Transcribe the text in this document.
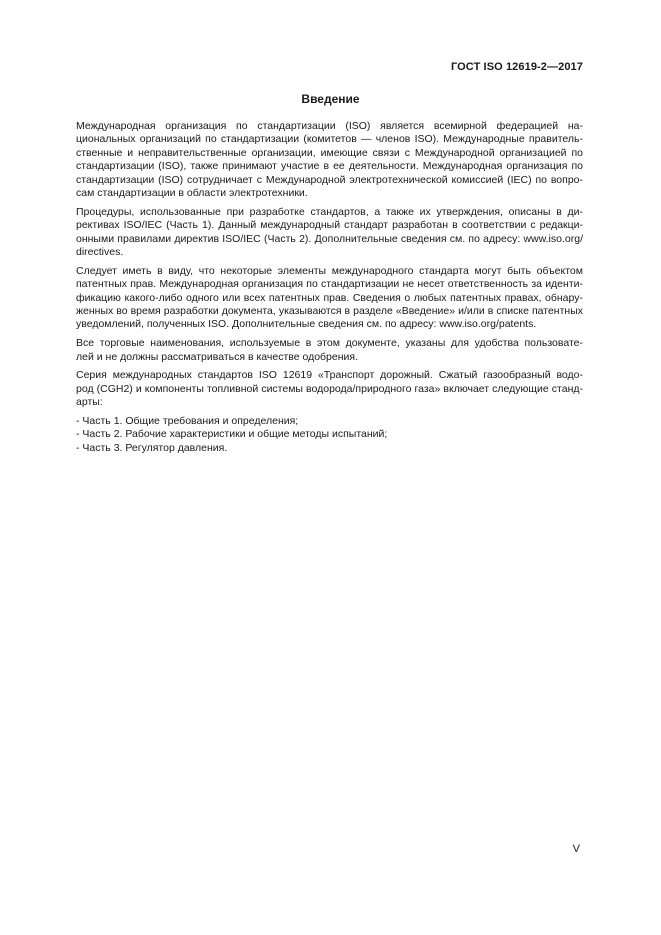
ГОСТ ISO 12619-2—2017
Введение

Международная организация по стандартизации (ISO) является всемирной федерацией на-
циональных организаций по стандартизации (комитетов — членов ISO). Международные правитель-
ственные и неправительственные организации, имеющие связи с Международной организацией по
стандартизации (ISO), также принимают участие в ее деятельности. Международная организация по
стандартизации (ISO) сотрудничает с Международной электротехнической комиссией (IEC) по вопро-
сам стандартизации в области электротехники.

Процедуры, использованные при разработке стандартов, а также их утверждения, описаны в ди-
рективах ISO/IEC (Часть 1). Данный международный стандарт разработан в соответствии с редакци-
онными правилами директив ISO/IEC (Часть 2). Дополнительные сведения см. по адресу: www.iso.org/
directives.

Следует иметь в виду, что некоторые элементы международного стандарта могут быть объектом
патентных прав. Международная организация по стандартизации не несет ответственность за иденти-
фикацию какого-либо одного или всех патентных прав. Сведения о любых патентных правах, обнару-
женных во время разработки документа, указываются в разделе «Введение» и/или в списке патентных
уведомлений, полученных ISO. Дополнительные сведения см. по адресу: www.iso.org/patents.

Все торговые наименования, используемые в этом документе, указаны для удобства пользовате-
лей и не должны рассматриваться в качестве одобрения.

Серия международных стандартов ISO 12619 «Транспорт дорожный. Сжатый газообразный водо-
род (CGH2) и компоненты топливной системы водорода/природного газа» включает следующие станд-
арты:

- Часть 1. Общие требования и определения;
- Часть 2. Рабочие характеристики и общие методы испытаний;
- Часть 3. Регулятор давления.
V
